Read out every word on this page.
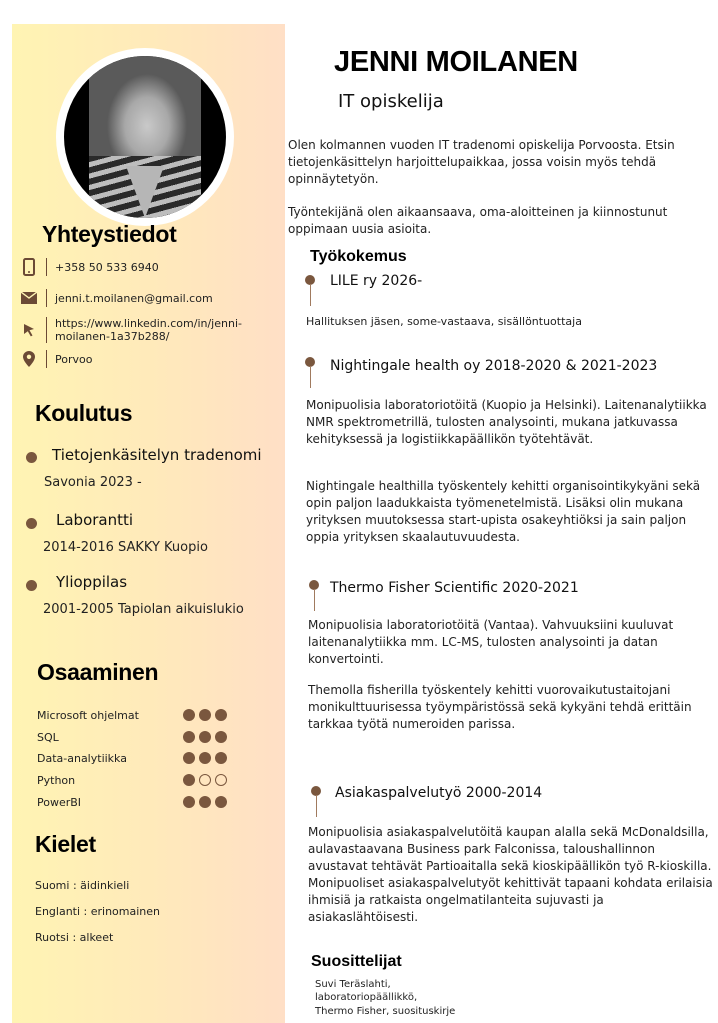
Yhteystiedot
+358 50 533 6940
jenni.t.moilanen@gmail.com
https://www.linkedin.com/in/jenni-moilanen-1a37b288/
Porvoo
Koulutus
Tietojenkäsitelyn tradenomi
Savonia 2023 -
Laborantti
2014-2016 SAKKY Kuopio
Ylioppilas
2001-2005 Tapiolan aikuislukio
Osaaminen
Microsoft ohjelmat
SQL
Data-analytiikka
Python
PowerBI
Kielet
Suomi : äidinkieli
Englanti : erinomainen
Ruotsi : alkeet
JENNI MOILANEN
IT opiskelija
Olen kolmannen vuoden IT tradenomi opiskelija Porvoosta. Etsin tietojenkäsittelyn harjoittelupaikkaa, jossa voisin myös tehdä opinnäytetyön.
Työntekijänä olen aikaansaava, oma-aloitteinen ja kiinnostunut oppimaan uusia asioita.
Työkokemus
LILE ry 2026-
Hallituksen jäsen, some-vastaava, sisällöntuottaja
Nightingale health oy 2018-2020 & 2021-2023
Monipuolisia laboratoriotöitä (Kuopio ja Helsinki). Laitenanalytiikka NMR spektrometrillä, tulosten analysointi, mukana jatkuvassa kehityksessä ja logistiikkapäällikön työtehtävät.
Nightingale healthilla työskentely kehitti organisointikykyäni sekä opin paljon laadukkaista työmenetelmistä. Lisäksi olin mukana yrityksen muutoksessa start-upista osakeyhtiöksi ja sain paljon oppia yrityksen skaalautuvuudesta.
Thermo Fisher Scientific 2020-2021
Monipuolisia laboratoriotöitä (Vantaa). Vahvuuksiini kuuluvat laitenanalytiikka mm. LC-MS, tulosten analysointi ja datan konvertointi.
Themolla fisherilla työskentely kehitti vuorovaikutustaitojani monikulttuurisessa työympäristössä sekä kykyäni tehdä erittäin tarkkaa työtä numeroiden parissa.
Asiakaspalvelutyö 2000-2014
Monipuolisia asiakaspalvelutöitä kaupan alalla sekä McDonaldsilla, aulavastaavana Business park Falconissa, taloushallinnon avustavat tehtävät Partioaitalla sekä kioskipäällikön työ R-kioskilla.
Monipuoliset asiakaspalvelutyöt kehittivät tapaani kohdata erilaisia ihmisiä ja ratkaista ongelmatilanteita sujuvasti ja asiakaslähtöisesti.
Suosittelijat
Suvi Teräslahti,
laboratoriopäällikkö,
Thermo Fisher, suosituskirje
